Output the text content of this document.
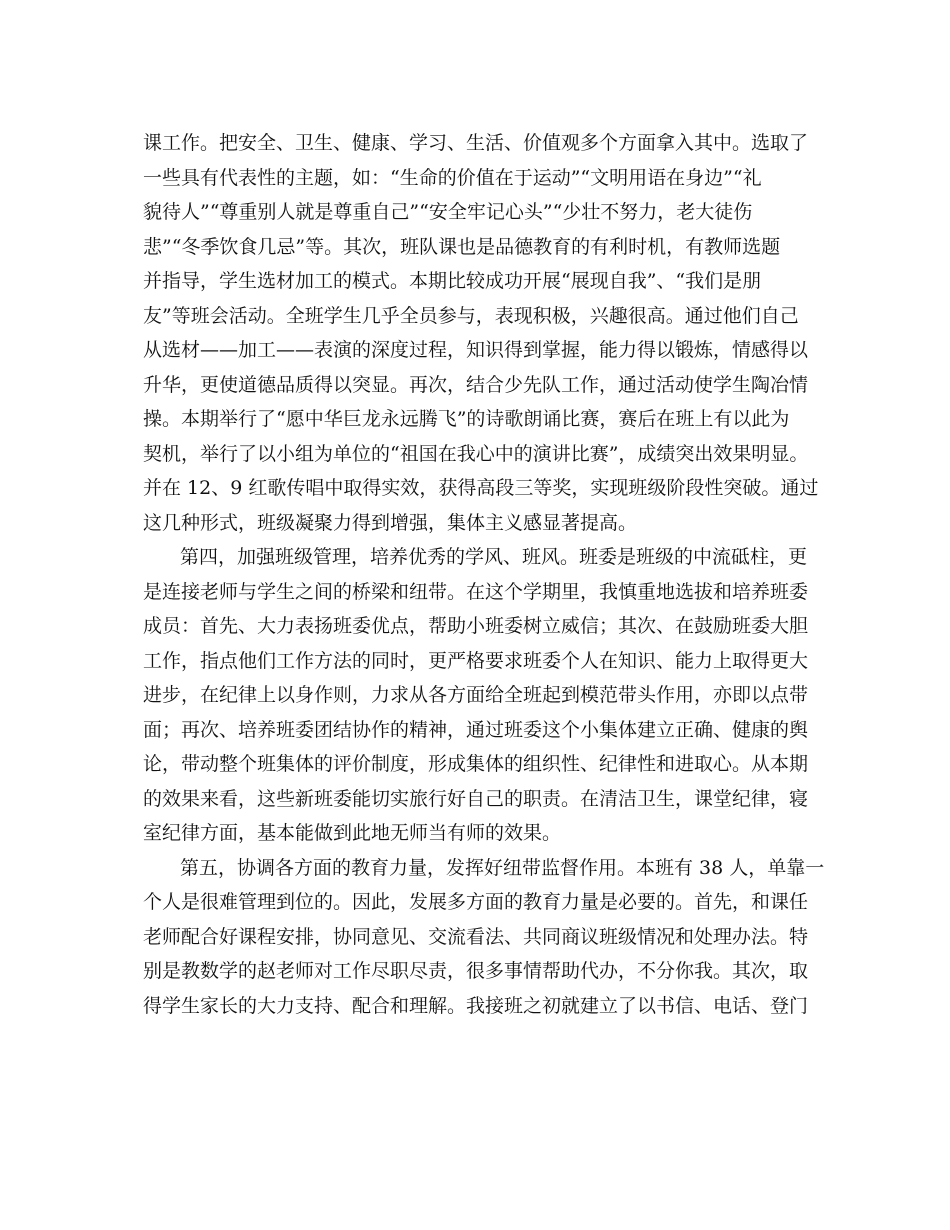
课工作。把安全、卫生、健康、学习、生活、价值观多个方面拿入其中。选取了
一些具有代表性的主题，如：“生命的价值在于运动”“文明用语在身边”“礼
貌待人”“尊重别人就是尊重自己”“安全牢记心头”“少壮不努力，老大徒伤
悲”“冬季饮食几忌”等。其次，班队课也是品德教育的有利时机，有教师选题
并指导，学生选材加工的模式。本期比较成功开展“展现自我”、“我们是朋
友”等班会活动。全班学生几乎全员参与，表现积极，兴趣很高。通过他们自己
从选材——加工——表演的深度过程，知识得到掌握，能力得以锻炼，情感得以
升华，更使道德品质得以突显。再次，结合少先队工作，通过活动使学生陶冶情
操。本期举行了“愿中华巨龙永远腾飞”的诗歌朗诵比赛，赛后在班上有以此为
契机，举行了以小组为单位的“祖国在我心中的演讲比赛”，成绩突出效果明显。
并在 12、9 红歌传唱中取得实效，获得高段三等奖，实现班级阶段性突破。通过
这几种形式，班级凝聚力得到增强，集体主义感显著提高。
第四，加强班级管理，培养优秀的学风、班风。班委是班级的中流砥柱，更
是连接老师与学生之间的桥梁和纽带。在这个学期里，我慎重地选拔和培养班委
成员：首先、大力表扬班委优点，帮助小班委树立威信；其次、在鼓励班委大胆
工作，指点他们工作方法的同时，更严格要求班委个人在知识、能力上取得更大
进步，在纪律上以身作则，力求从各方面给全班起到模范带头作用，亦即以点带
面；再次、培养班委团结协作的精神，通过班委这个小集体建立正确、健康的舆
论，带动整个班集体的评价制度，形成集体的组织性、纪律性和进取心。从本期
的效果来看，这些新班委能切实旅行好自己的职责。在清洁卫生，课堂纪律，寝
室纪律方面，基本能做到此地无师当有师的效果。
第五，协调各方面的教育力量，发挥好纽带监督作用。本班有 38 人，单靠一
个人是很难管理到位的。因此，发展多方面的教育力量是必要的。首先，和课任
老师配合好课程安排，协同意见、交流看法、共同商议班级情况和处理办法。特
别是教数学的赵老师对工作尽职尽责，很多事情帮助代办，不分你我。其次，取
得学生家长的大力支持、配合和理解。我接班之初就建立了以书信、电话、登门
